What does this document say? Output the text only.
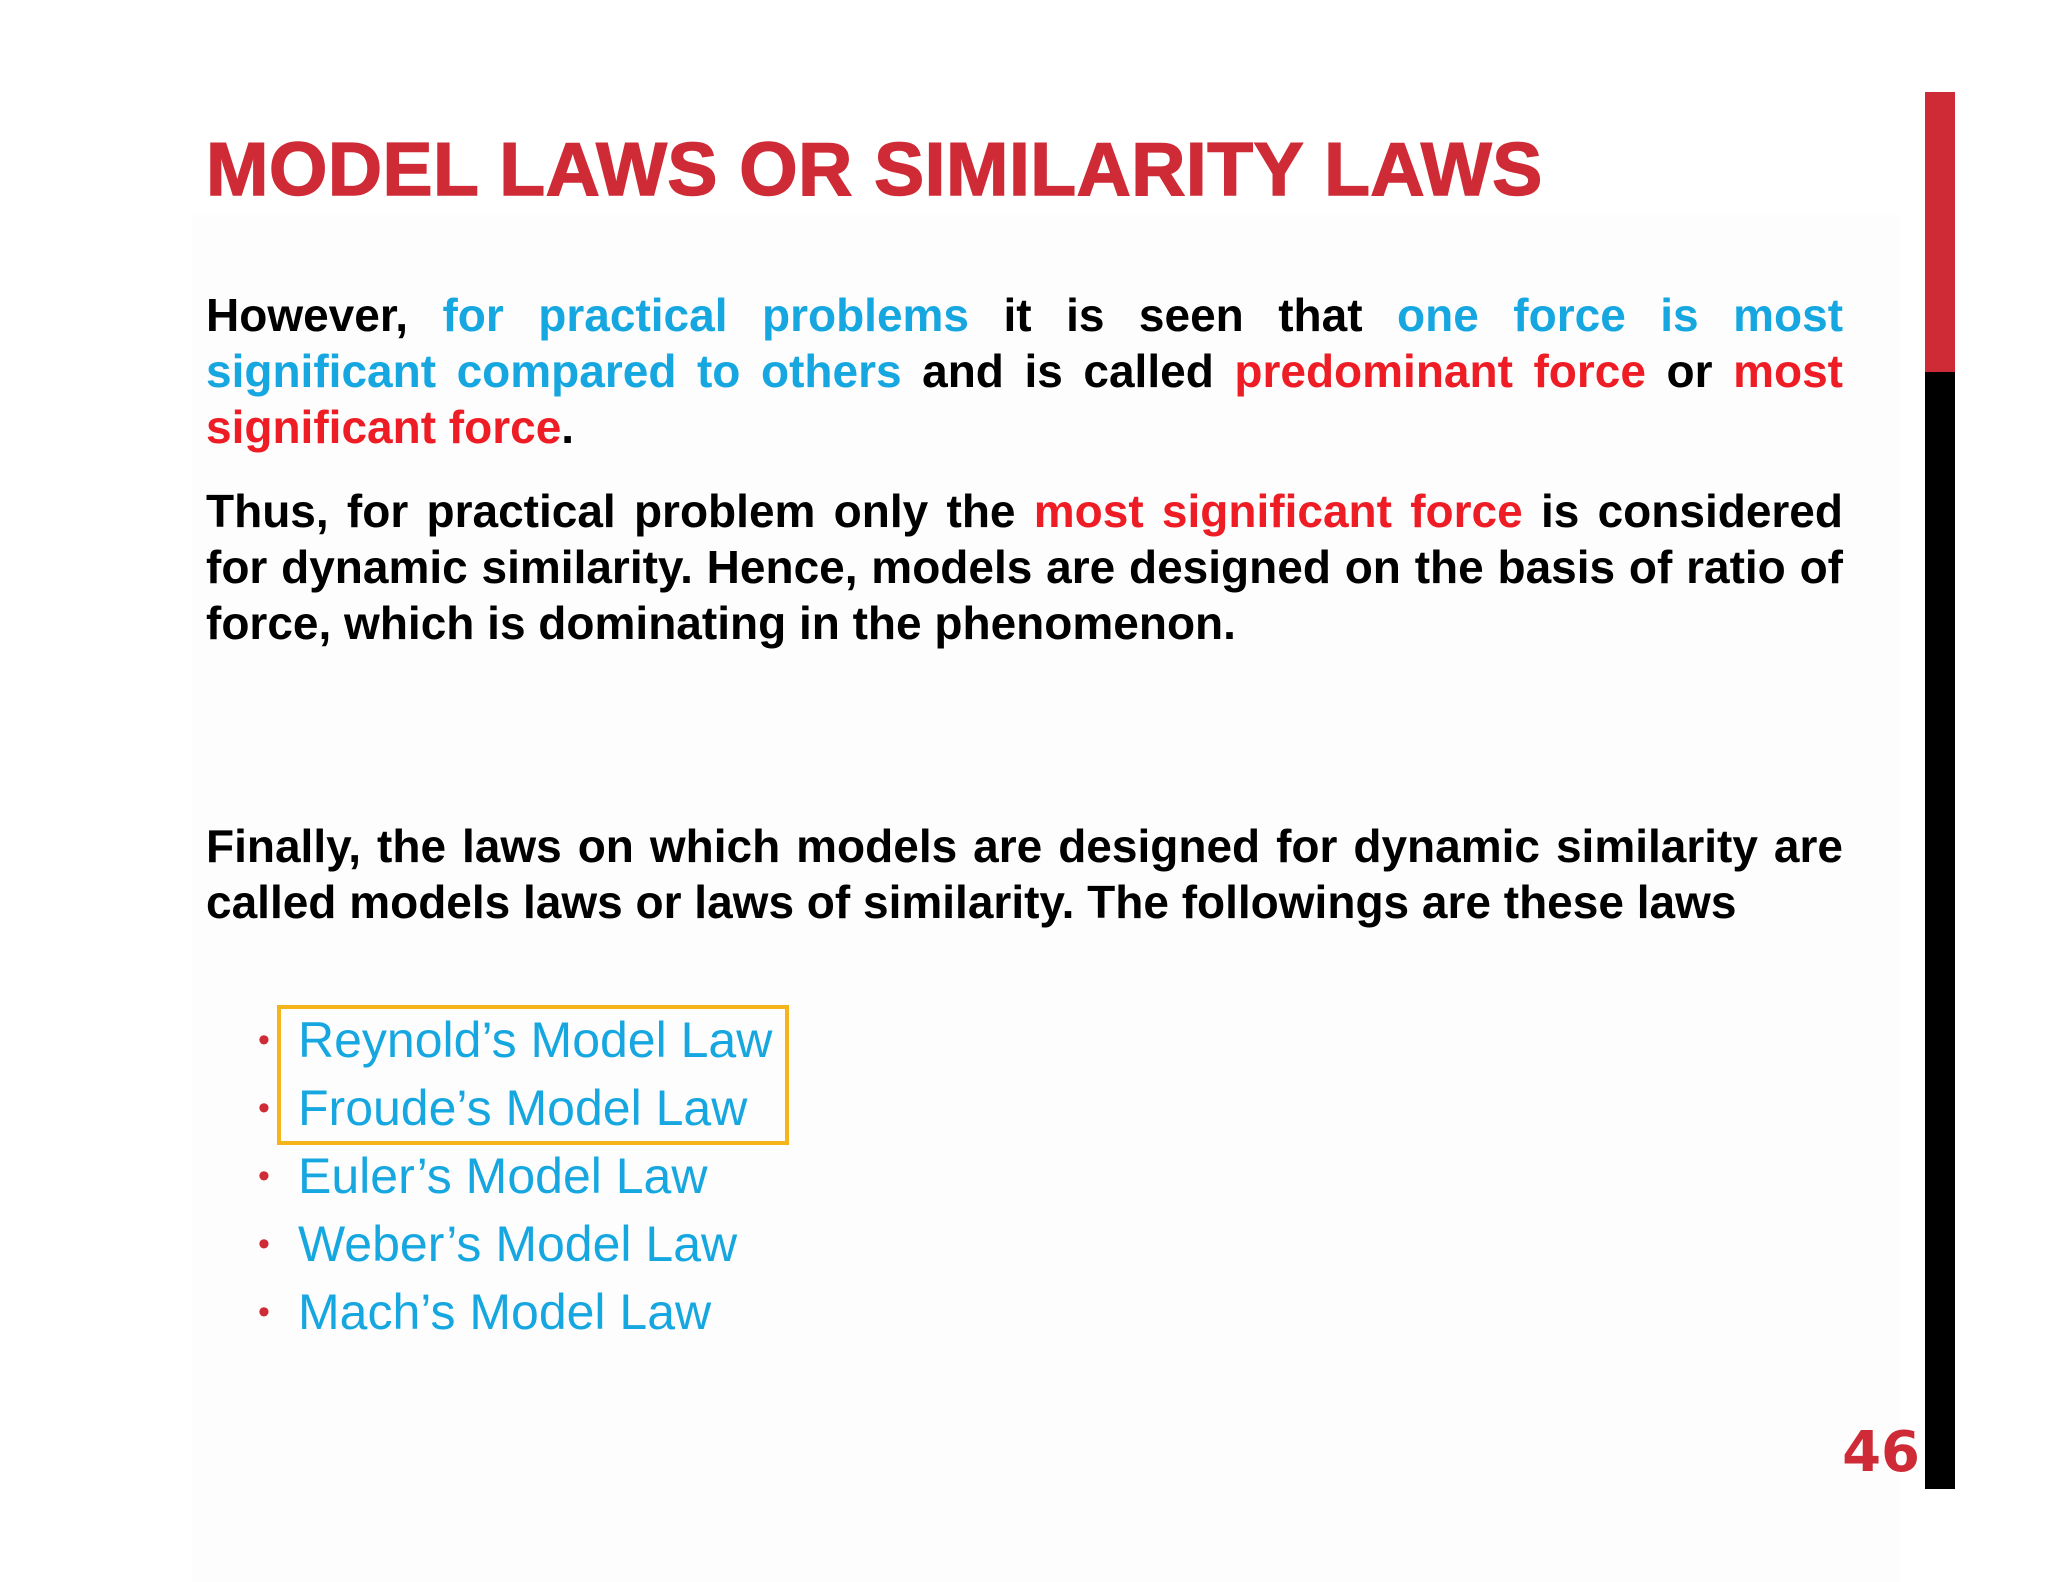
MODEL LAWS OR SIMILARITY LAWS

However, for practical problems it is seen that one force is most significant compared to others and is called predominant force or most significant force.

Thus, for practical problem only the most significant force is considered for dynamic similarity. Hence, models are designed on the basis of ratio of force, which is dominating in the phenomenon.

Finally, the laws on which models are designed for dynamic similarity are called models laws or laws of similarity. The followings are these laws

• Reynold’s Model Law
• Froude’s Model Law
• Euler’s Model Law
• Weber’s Model Law
• Mach’s Model Law
46
